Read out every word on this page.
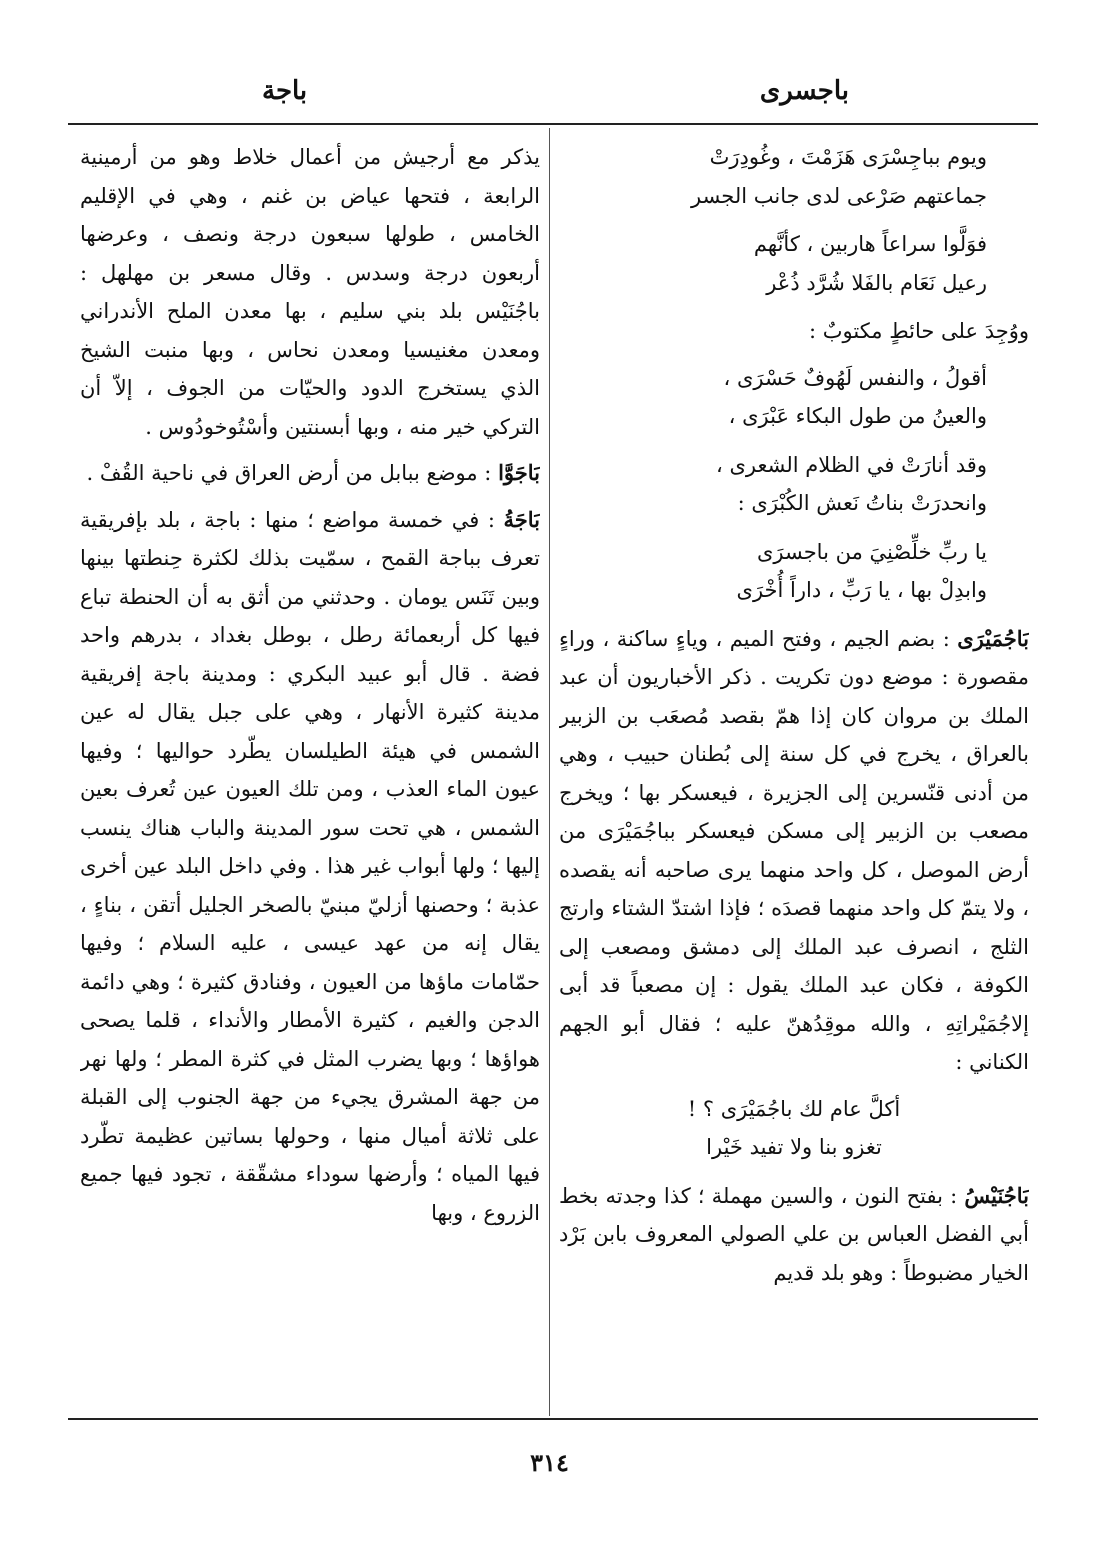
باجسرى
باجة
ويوم بباجِسْرَى هَزَمْتَ ، وغُودِرَتْ
جماعتهم صَرْعى لدى جانب الجسر
فوَلَّوا سراعاً هاربين ، كأنَّهم
رعيل نَعَام بالفَلا شُرَّد ذُعْر

ووُجِدَ على حائطٍ مكتوبٌ :

أقولُ ، والنفس لَهُوفٌ حَسْرَى ،
والعينُ من طول البكاء عَبْرَى ،
وقد أنارَتْ في الظلام الشعرى ،
وانحدرَتْ بناتُ نَعش الكُبْرَى :
يا ربِّ خلِّصْنِيَ من باجسرَى
وابدِلْ بها ، يا رَبِّ ، داراً أُخْرَى

بَاجُمَيْرَى : بضم الجيم ، وفتح الميم ، وياءٍ ساكنة ، وراءٍ مقصورة : موضع دون تكريت . ذكر الأخباريون أن عبد الملك بن مروان كان إذا همّ بقصد مُصعَب بن الزبير بالعراق ، يخرج في كل سنة إلى بُطنان حبيب ، وهي من أدنى قنّسرين إلى الجزيرة ، فيعسكر بها ؛ ويخرج مصعب بن الزبير إلى مسكن فيعسكر بباجُمَيْرَى من أرض الموصل ، كل واحد منهما يرى صاحبه أنه يقصده ، ولا يتمّ كل واحد منهما قصدَه ؛ فإذا اشتدّ الشتاء وارتج الثلج ، انصرف عبد الملك إلى دمشق ومصعب إلى الكوفة ، فكان عبد الملك يقول : إن مصعباً قد أبى إلاجُمَيْراتِهِ ، والله موقِدُهنّ عليه ؛ فقال أبو الجهم الكناني :

أكلَّ عام لك باجُمَيْرَى ؟ !
تغزو بنا ولا تفيد خَيْرا

بَاجُنَيْسُ : بفتح النون ، والسين مهملة ؛ كذا وجدته بخط أبي الفضل العباس بن علي الصولي المعروف بابن بَرْد الخيار مضبوطاً : وهو بلد قديم

يذكر مع أرجيش من أعمال خلاط وهو من أرمينية الرابعة ، فتحها عياض بن غنم ، وهي في الإقليم الخامس ، طولها سبعون درجة ونصف ، وعرضها أربعون درجة وسدس . وقال مسعر بن مهلهل : باجُنَيْس بلد بني سليم ، بها معدن الملح الأندراني ومعدن مغنيسيا ومعدن نحاس ، وبها منبت الشيخ الذي يستخرج الدود والحيّات من الجوف ، إلاّ أن التركي خير منه ، وبها أبسنتين وأسْتُوخودُوس .

بَاجَوَّا : موضع ببابل من أرض العراق في ناحية القُفْ .

بَاجَةُ : في خمسة مواضع ؛ منها : باجة ، بلد بإفريقية تعرف بباجة القمح ، سمّيت بذلك لكثرة حِنطتها بينها وبين تَنَس يومان . وحدثني من أثق به أن الحنطة تباع فيها كل أربعمائة رطل ، بوطل بغداد ، بدرهم واحد فضة . قال أبو عبيد البكري : ومدينة باجة إفريقية مدينة كثيرة الأنهار ، وهي على جبل يقال له عين الشمس في هيئة الطيلسان يطّرد حواليها ؛ وفيها عيون الماء العذب ، ومن تلك العيون عين تُعرف بعين الشمس ، هي تحت سور المدينة والباب هناك ينسب إليها ؛ ولها أبواب غير هذا . وفي داخل البلد عين أخرى عذبة ؛ وحصنها أزليّ مبنيّ بالصخر الجليل أتقن ، بناءٍ ، يقال إنه من عهد عيسى ، عليه السلام ؛ وفيها حمّامات ماؤها من العيون ، وفنادق كثيرة ؛ وهي دائمة الدجن والغيم ، كثيرة الأمطار والأنداء ، قلما يصحى هواؤها ؛ وبها يضرب المثل في كثرة المطر ؛ ولها نهر من جهة المشرق يجيء من جهة الجنوب إلى القبلة على ثلاثة أميال منها ، وحولها بساتين عظيمة تطّرد فيها المياه ؛ وأرضها سوداء مشقّقة ، تجود فيها جميع الزروع ، وبها

٣١٤
